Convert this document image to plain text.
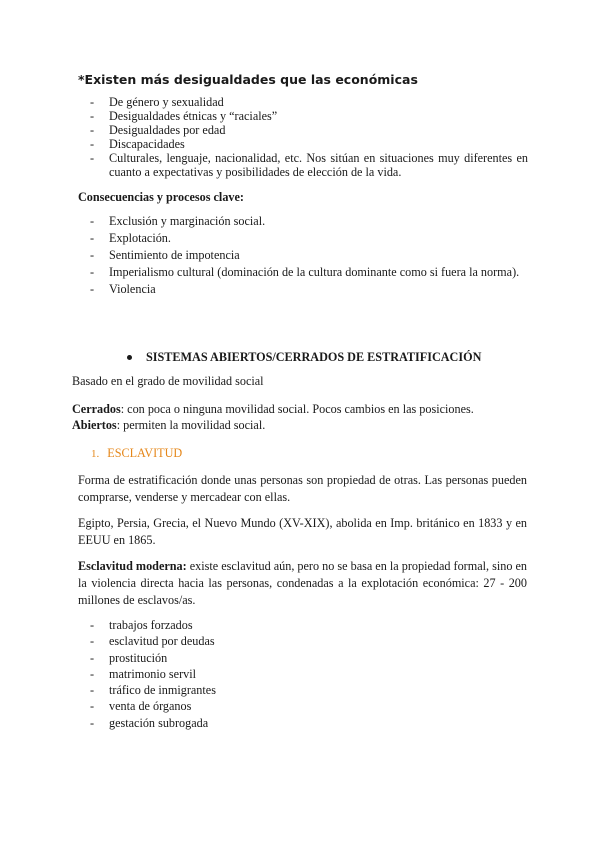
*Existen más desigualdades que las económicas

- De género y sexualidad
- Desigualdades étnicas y “raciales”
- Desigualdades por edad
- Discapacidades
- Culturales, lenguaje, nacionalidad, etc. Nos sitúan en situaciones muy diferentes en cuanto a expectativas y posibilidades de elección de la vida.

Consecuencias y procesos clave:

- Exclusión y marginación social.
- Explotación.
- Sentimiento de impotencia
- Imperialismo cultural (dominación de la cultura dominante como si fuera la norma).
- Violencia

SISTEMAS ABIERTOS/CERRADOS DE ESTRATIFICACIÓN

Basado en el grado de movilidad social

Cerrados: con poca o ninguna movilidad social. Pocos cambios en las posiciones.

Abiertos: permiten la movilidad social.

1. ESCLAVITUD

Forma de estratificación donde unas personas son propiedad de otras. Las personas pueden comprarse, venderse y mercadear con ellas.

Egipto, Persia, Grecia, el Nuevo Mundo (XV-XIX), abolida en Imp. británico en 1833 y en EEUU en 1865.

Esclavitud moderna: existe esclavitud aún, pero no se basa en la propiedad formal, sino en la violencia directa hacia las personas, condenadas a la explotación económica: 27 - 200 millones de esclavos/as.

- trabajos forzados
- esclavitud por deudas
- prostitución
- matrimonio servil
- tráfico de inmigrantes
- venta de órganos
- gestación subrogada
